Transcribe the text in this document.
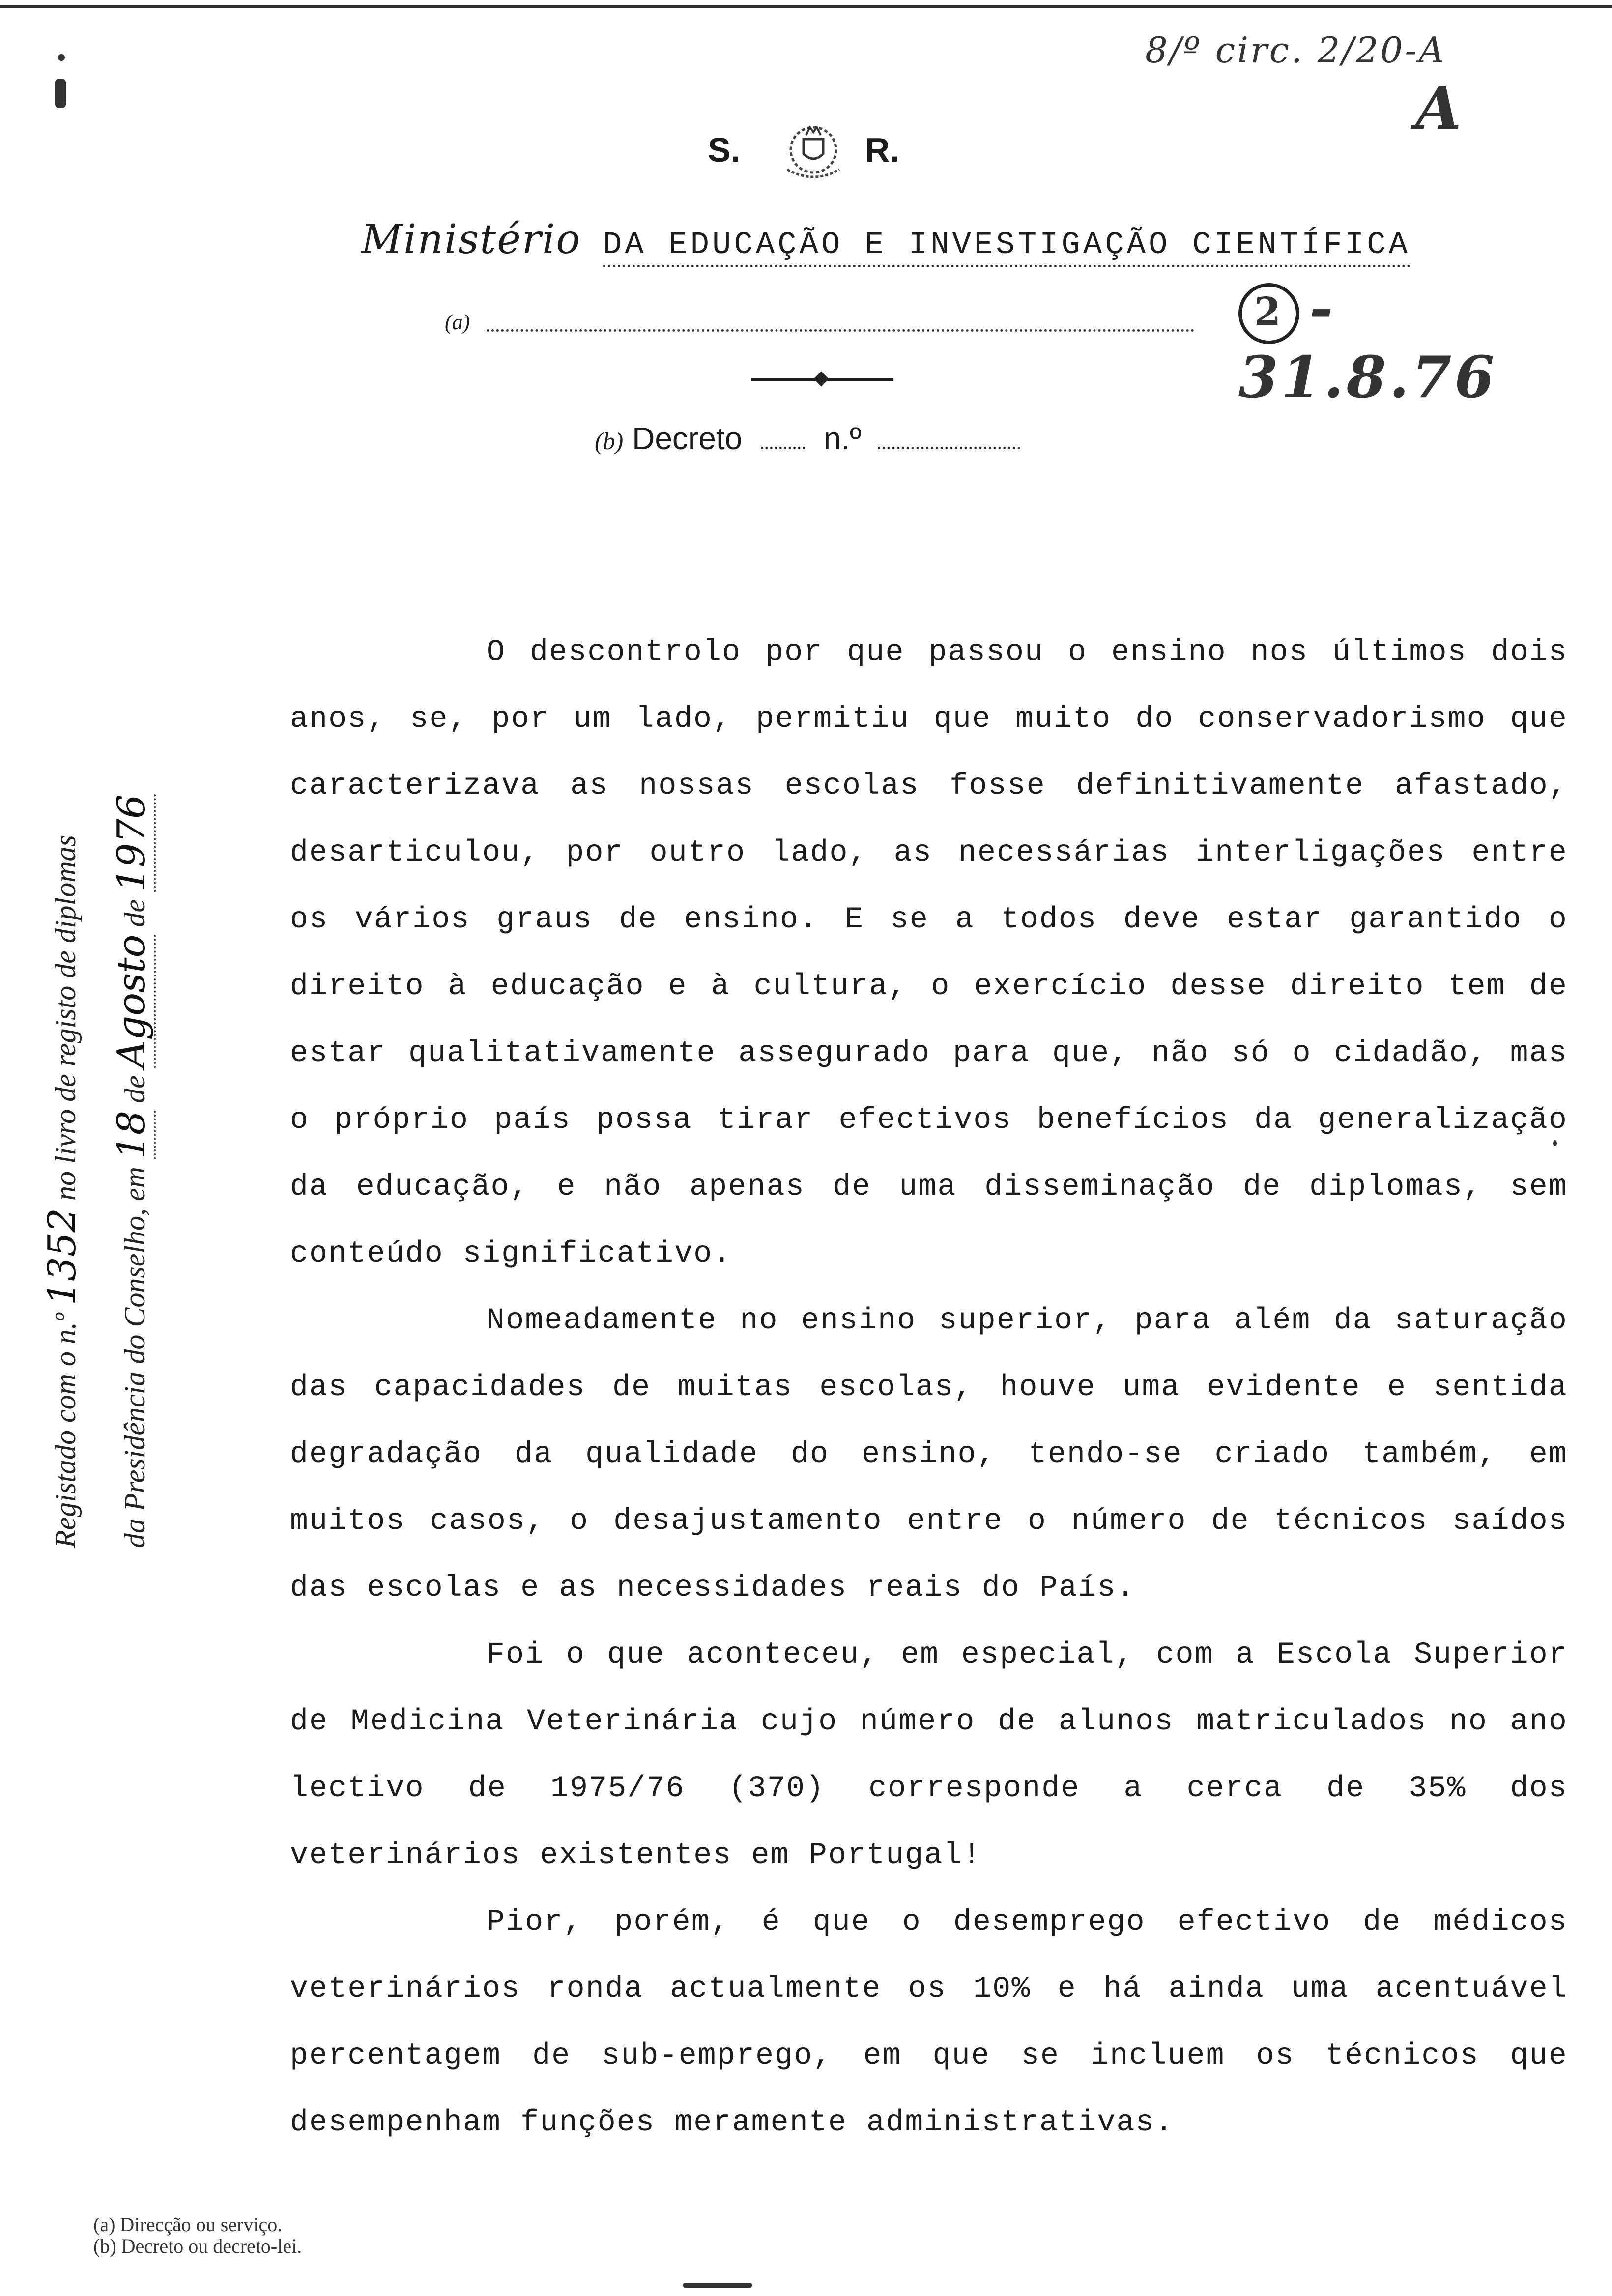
8/º circ. 2/20-A
A
2 - 31.8.76
S.	R.
Ministério DA EDUCAÇÃO E INVESTIGAÇÃO CIENTÍFICA
(a)
(b) Decreto	n.º
Registado com o n.º 1352 no livro de registo de diplomas
da Presidência do Conselho, em 18 de Agosto de 1976

O descontrolo por que passou o ensino nos últimos dois anos, se, por um lado, permitiu que muito do conservadorismo que caracterizava as nossas escolas fosse definitivamente afastado, desarticulou, por outro lado, as necessárias interligações entre os vários graus de ensino. E se a todos deve estar garantido o direito à educação e à cultura, o exercício desse direito tem de estar qualitativamente assegurado para que, não só o cidadão, mas o próprio país possa tirar efectivos benefícios da generalização da educação, e não apenas de uma disseminação de diplomas, sem conteúdo significativo.

Nomeadamente no ensino superior, para além da saturação das capacidades de muitas escolas, houve uma evidente e sentida degradação da qualidade do ensino, tendo-se criado também, em muitos casos, o desajustamento entre o número de técnicos saídos das escolas e as necessidades reais do País.

Foi o que aconteceu, em especial, com a Escola Superior de Medicina Veterinária cujo número de alunos matriculados no ano lectivo de 1975/76 (370) corresponde a cerca de 35% dos veterinários existentes em Portugal!

Pior, porém, é que o desemprego efectivo de médicos veterinários ronda actualmente os 10% e há ainda uma acentuável percentagem de sub-emprego, em que se incluem os técnicos que desempenham funções meramente administrativas.

(a) Direcção ou serviço.
(b) Decreto ou decreto-lei.
